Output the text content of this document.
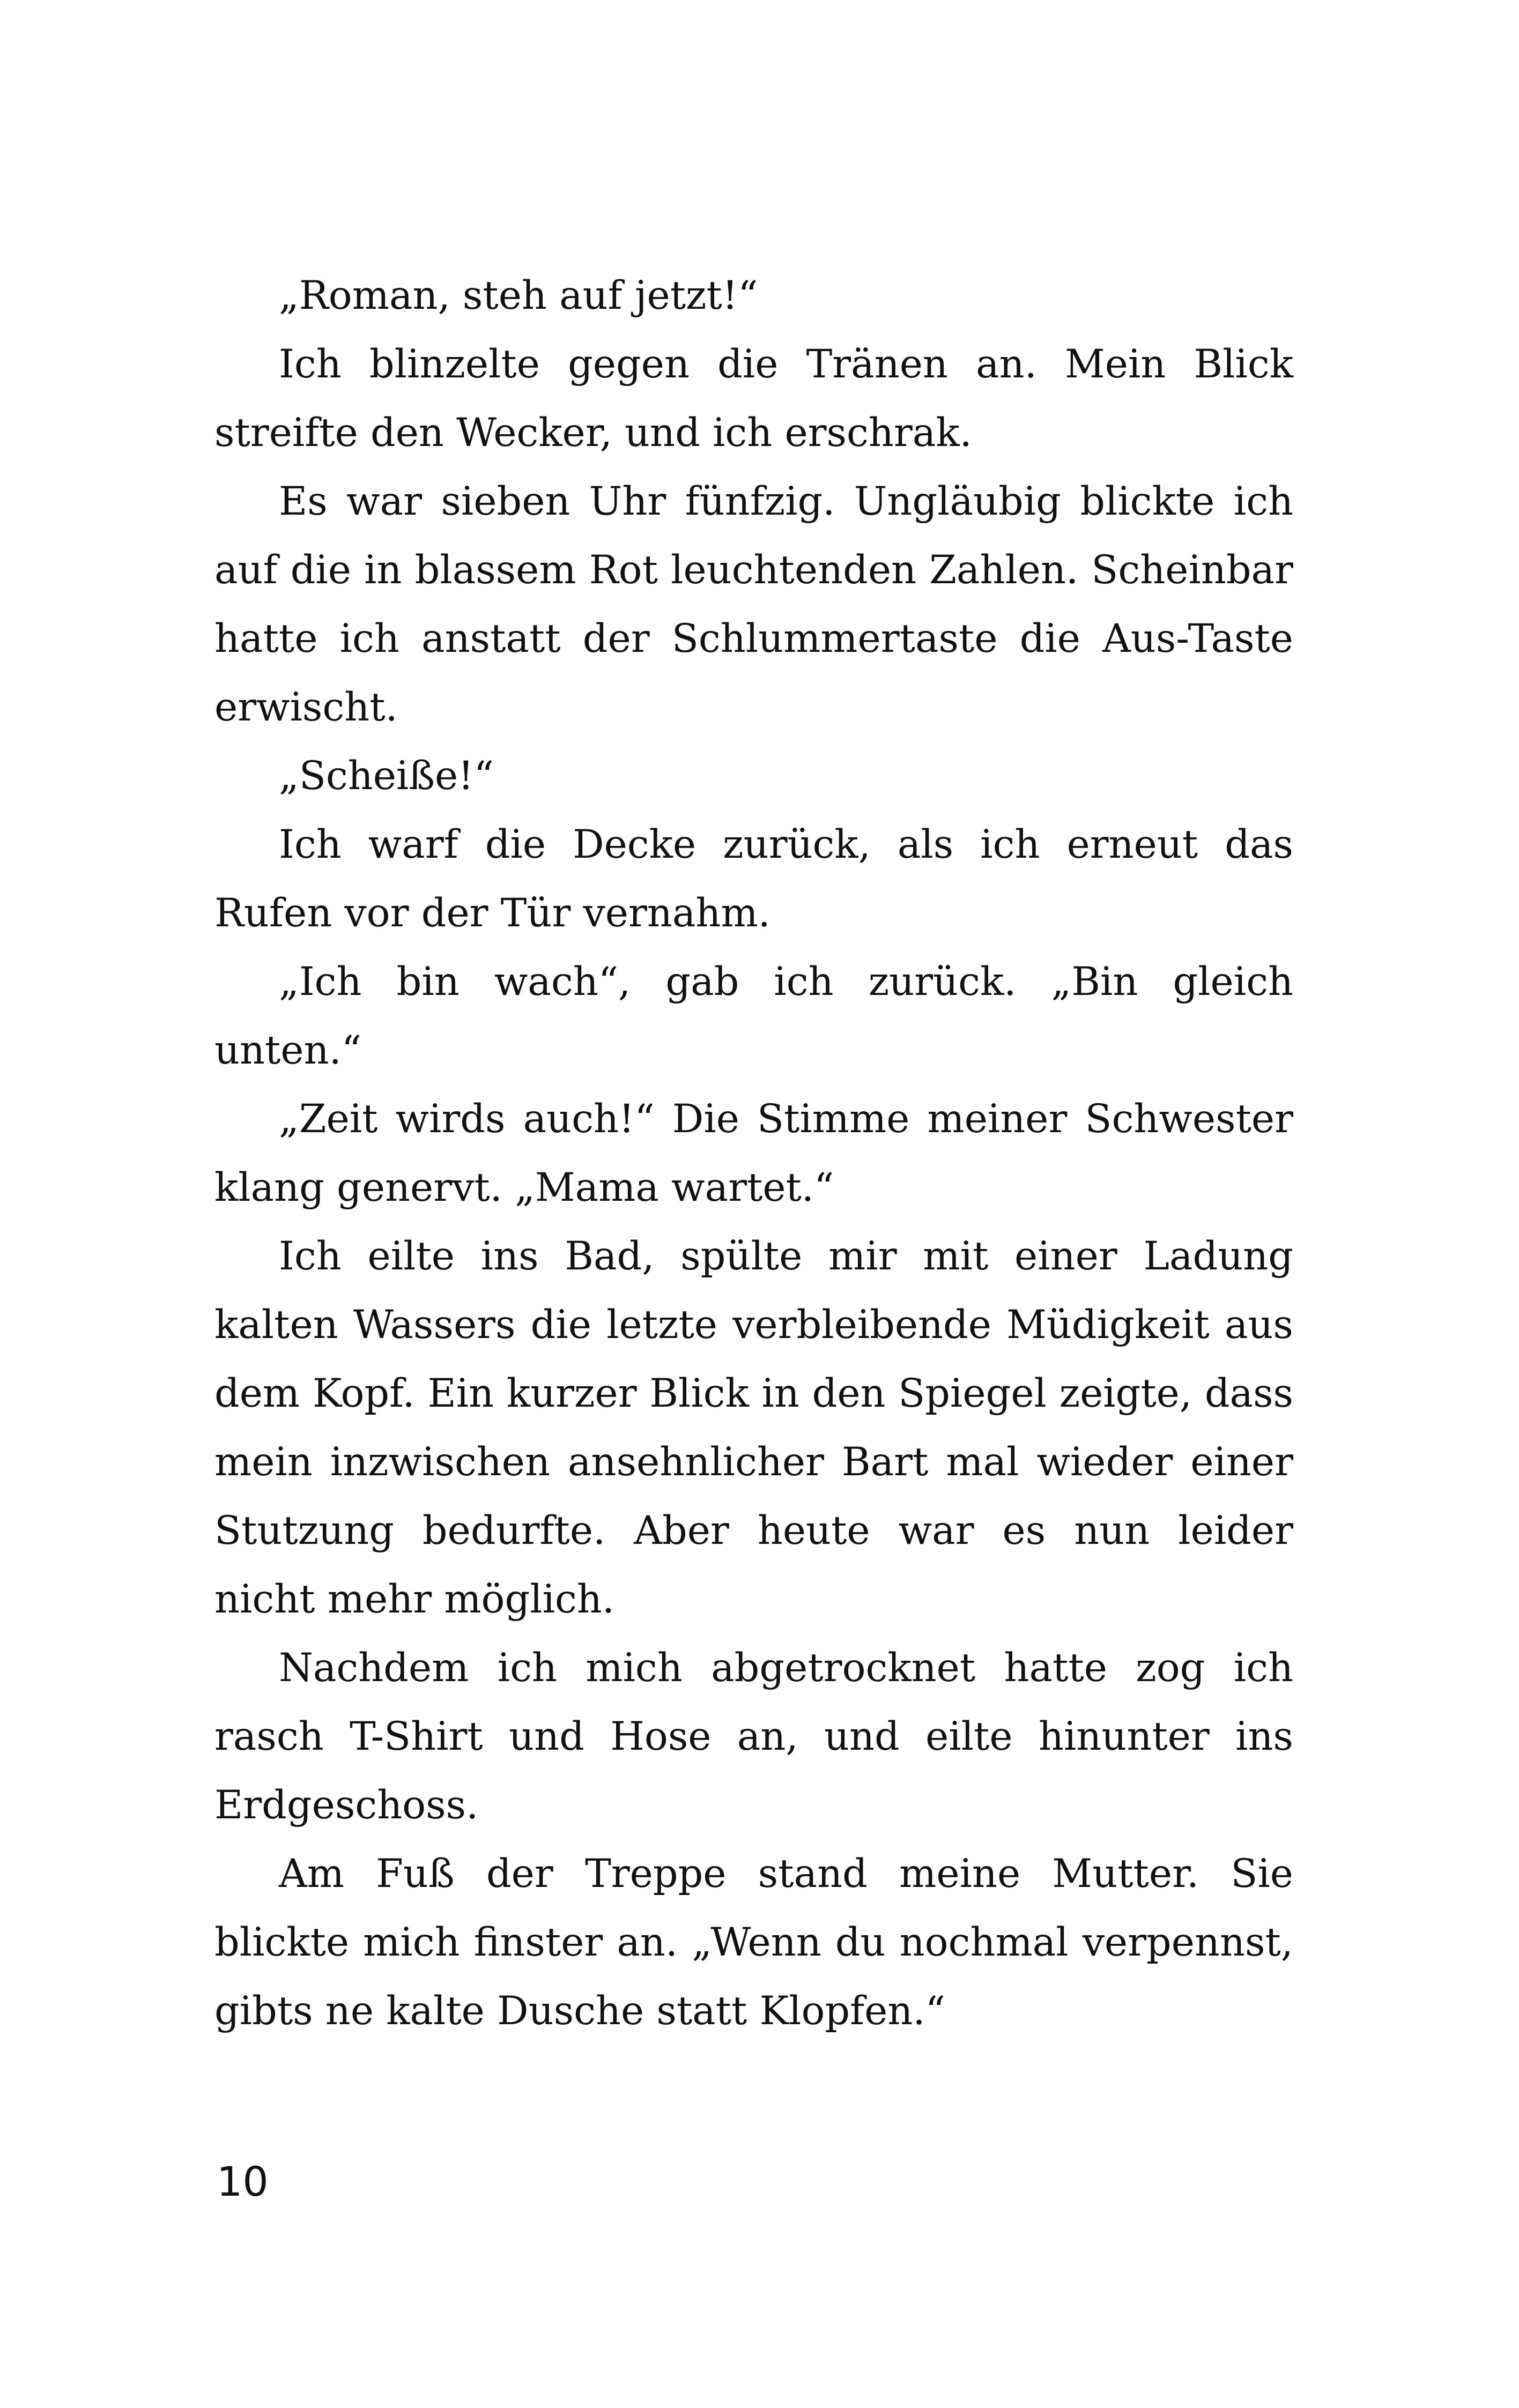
„Roman, steh auf jetzt!“

Ich blinzelte gegen die Tränen an. Mein Blick streifte den Wecker, und ich erschrak.

Es war sieben Uhr fünfzig. Ungläubig blickte ich auf die in blassem Rot leuchtenden Zahlen. Scheinbar hatte ich anstatt der Schlummertaste die Aus-Taste erwischt.

„Scheiße!“

Ich warf die Decke zurück, als ich erneut das Rufen vor der Tür vernahm.

„Ich bin wach“, gab ich zurück. „Bin gleich unten.“

„Zeit wirds auch!“ Die Stimme meiner Schwester klang genervt. „Mama wartet.“

Ich eilte ins Bad, spülte mir mit einer Ladung kalten Wassers die letzte verbleibende Müdigkeit aus dem Kopf. Ein kurzer Blick in den Spiegel zeigte, dass mein inzwischen ansehnlicher Bart mal wieder einer Stutzung bedurfte. Aber heute war es nun leider nicht mehr möglich.

Nachdem ich mich abgetrocknet hatte zog ich rasch T-Shirt und Hose an, und eilte hinunter ins Erdgeschoss.

Am Fuß der Treppe stand meine Mutter. Sie blickte mich finster an. „Wenn du nochmal verpennst, gibts ne kalte Dusche statt Klopfen.“

10
